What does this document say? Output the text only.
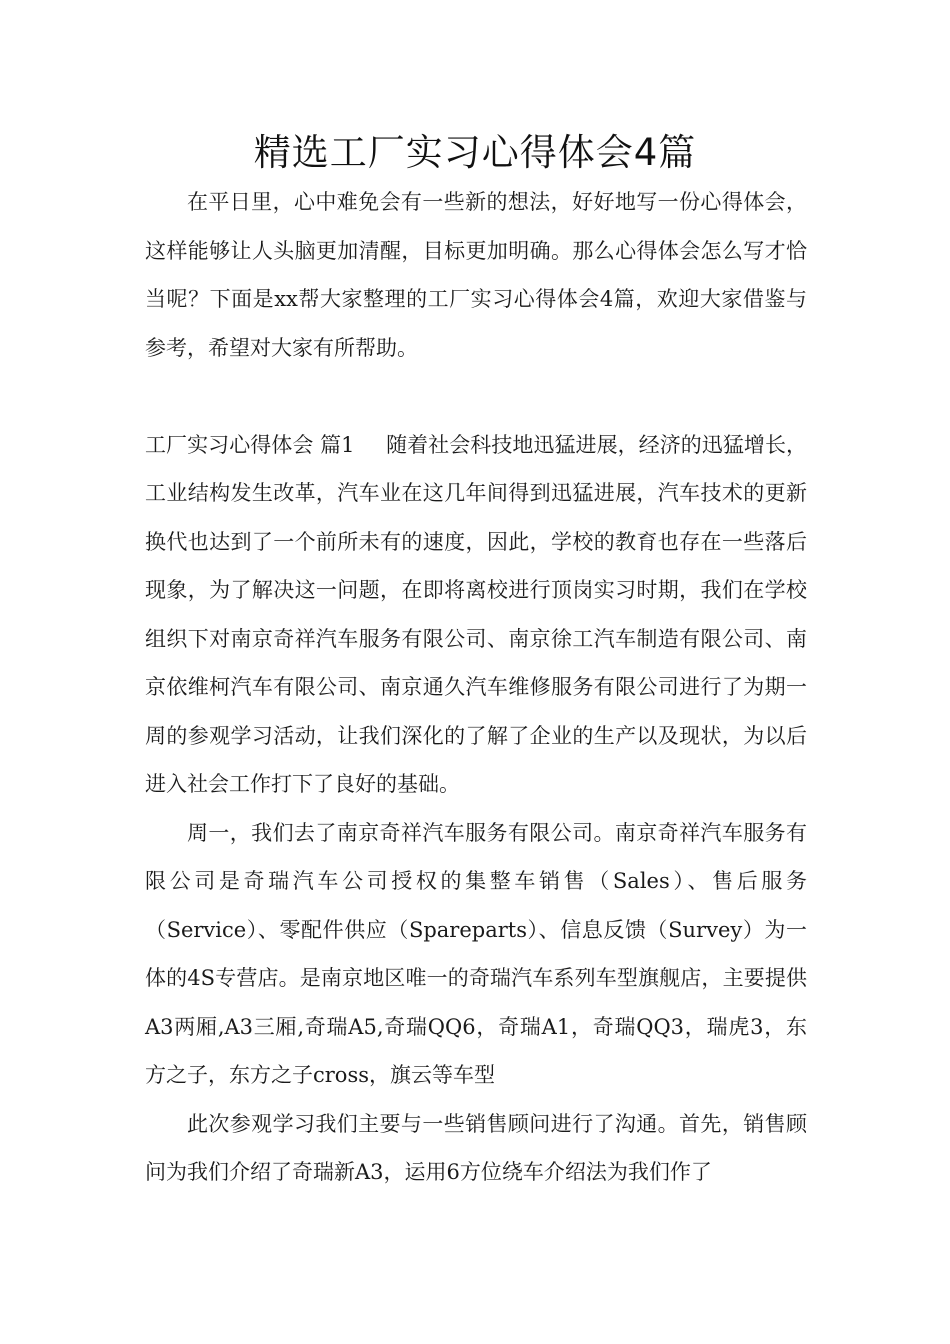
精选工厂实习心得体会4篇

在平日里，心中难免会有一些新的想法，好好地写一份心得体会，这样能够让人头脑更加清醒，目标更加明确。那么心得体会怎么写才恰当呢？下面是xx帮大家整理的工厂实习心得体会4篇，欢迎大家借鉴与参考，希望对大家有所帮助。

工厂实习心得体会 篇1 随着社会科技地迅猛进展，经济的迅猛增长，工业结构发生改革，汽车业在这几年间得到迅猛进展，汽车技术的更新换代也达到了一个前所未有的速度，因此，学校的教育也存在一些落后现象，为了解决这一问题，在即将离校进行顶岗实习时期，我们在学校组织下对南京奇祥汽车服务有限公司、南京徐工汽车制造有限公司、南京依维柯汽车有限公司、南京通久汽车维修服务有限公司进行了为期一周的参观学习活动，让我们深化的了解了企业的生产以及现状，为以后进入社会工作打下了良好的基础。

周一，我们去了南京奇祥汽车服务有限公司。南京奇祥汽车服务有限公司是奇瑞汽车公司授权的集整车销售（Sales）、售后服务（Service）、零配件供应（Spareparts）、信息反馈（Survey）为一体的4S专营店。是南京地区唯一的奇瑞汽车系列车型旗舰店，主要提供A3两厢,A3三厢,奇瑞A5,奇瑞QQ6，奇瑞A1，奇瑞QQ3，瑞虎3，东方之子，东方之子cross，旗云等车型

此次参观学习我们主要与一些销售顾问进行了沟通。首先，销售顾问为我们介绍了奇瑞新A3，运用6方位绕车介绍法为我们作了
